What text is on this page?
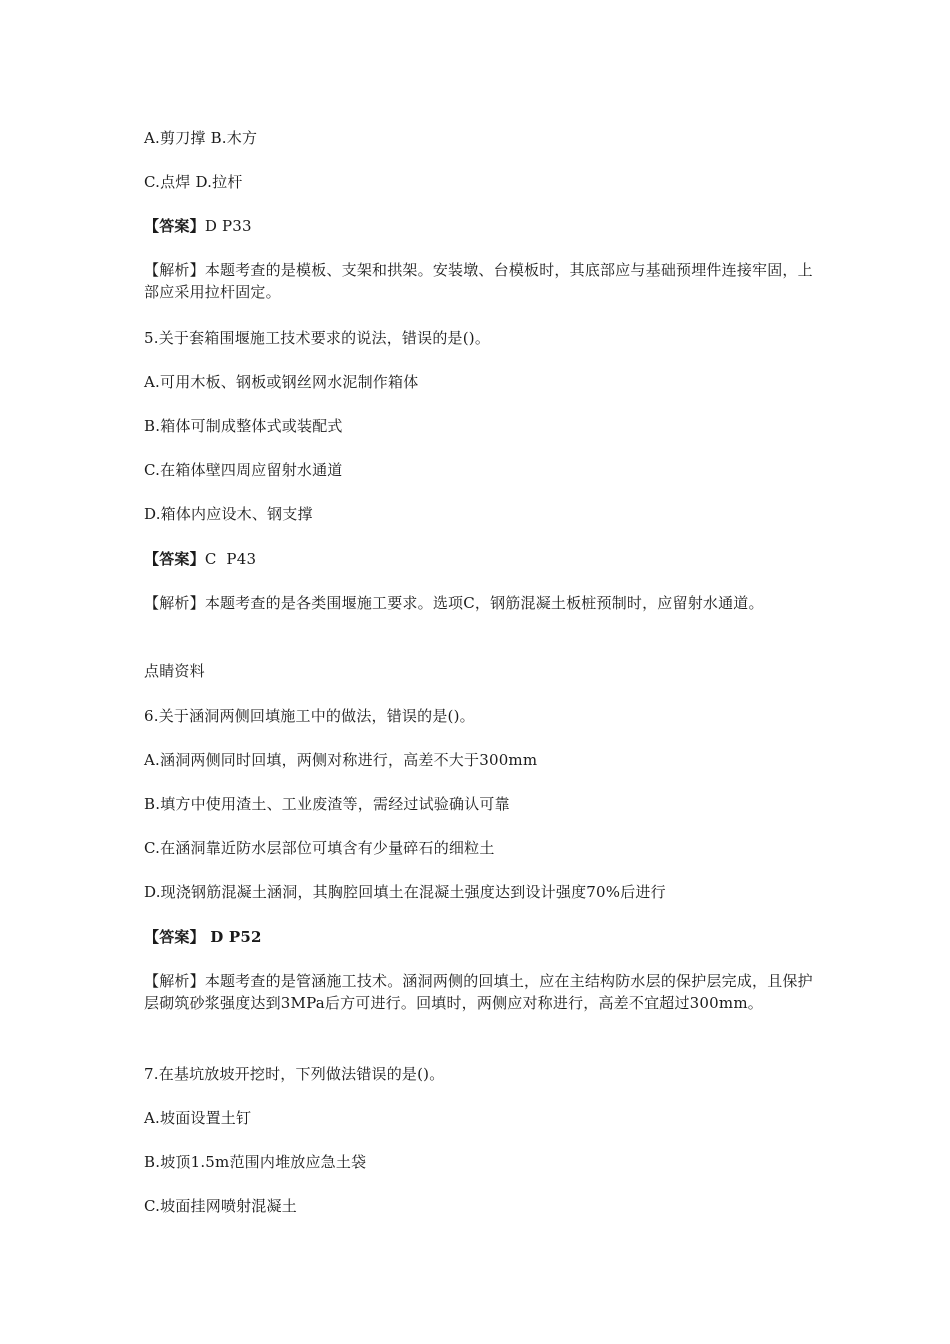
A.剪刀撑 B.木方
C.点焊 D.拉杆
【答案】D P33
【解析】本题考查的是模板、支架和拱架。安装墩、台模板时，其底部应与基础预埋件连接牢固，上部应采用拉杆固定。
5.关于套箱围堰施工技术要求的说法，错误的是()。
A.可用木板、钢板或钢丝网水泥制作箱体
B.箱体可制成整体式或装配式
C.在箱体壁四周应留射水通道
D.箱体内应设木、钢支撑
【答案】C  P43
【解析】本题考查的是各类围堰施工要求。选项C，钢筋混凝土板桩预制时，应留射水通道。
点睛资料
6.关于涵洞两侧回填施工中的做法，错误的是()。
A.涵洞两侧同时回填，两侧对称进行，高差不大于300mm
B.填方中使用渣土、工业废渣等，需经过试验确认可靠
C.在涵洞靠近防水层部位可填含有少量碎石的细粒土
D.现浇钢筋混凝土涵洞，其胸腔回填土在混凝土强度达到设计强度70%后进行
【答案】 D P52
【解析】本题考查的是管涵施工技术。涵洞两侧的回填土，应在主结构防水层的保护层完成，且保护层砌筑砂浆强度达到3MPa后方可进行。回填时，两侧应对称进行，高差不宜超过300mm。
7.在基坑放坡开挖时，下列做法错误的是()。
A.坡面设置土钉
B.坡顶1.5m范围内堆放应急土袋
C.坡面挂网喷射混凝土
